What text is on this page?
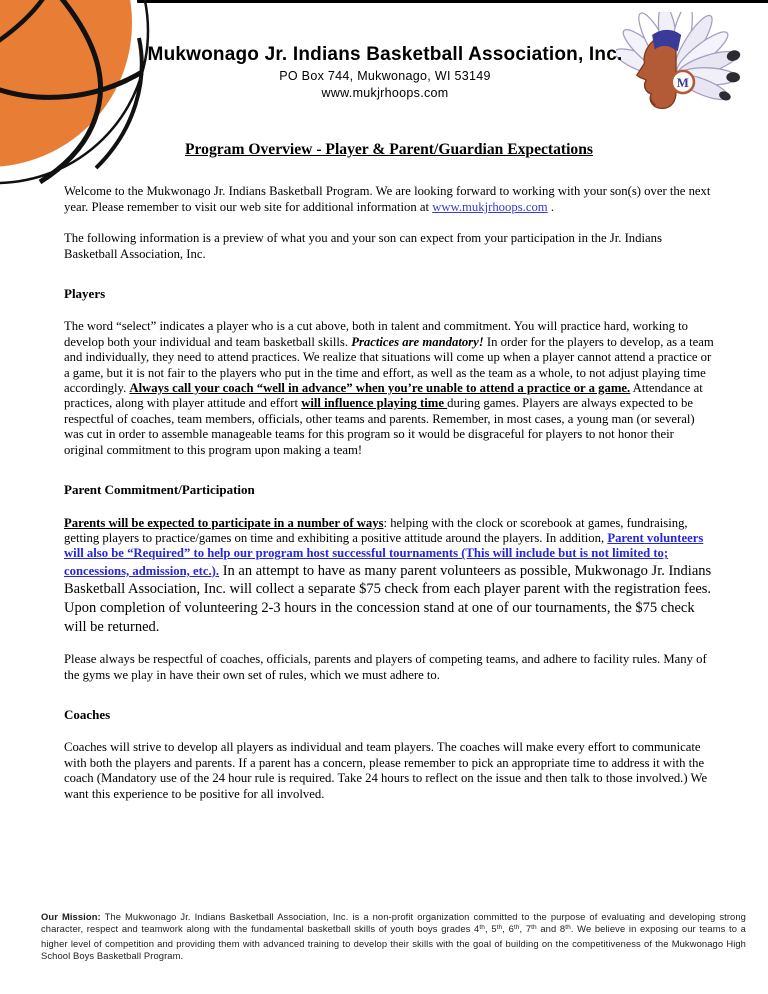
M
Mukwonago Jr. Indians Basketball Association, Inc.
PO Box 744, Mukwonago, WI 53149
www.mukjrhoops.com
Program Overview - Player & Parent/Guardian Expectations

Welcome to the Mukwonago Jr. Indians Basketball Program. We are looking forward to working with your son(s) over the next year. Please remember to visit our web site for additional information at www.mukjrhoops.com .

The following information is a preview of what you and your son can expect from your participation in the Jr. Indians Basketball Association, Inc.

Players

The word “select” indicates a player who is a cut above, both in talent and commitment. You will practice hard, working to develop both your individual and team basketball skills. Practices are mandatory! In order for the players to develop, as a team and individually, they need to attend practices. We realize that situations will come up when a player cannot attend a practice or a game, but it is not fair to the players who put in the time and effort, as well as the team as a whole, to not adjust playing time accordingly. Always call your coach “well in advance” when you’re unable to attend a practice or a game. Attendance at practices, along with player attitude and effort will influence playing time during games. Players are always expected to be respectful of coaches, team members, officials, other teams and parents. Remember, in most cases, a young man (or several) was cut in order to assemble manageable teams for this program so it would be disgraceful for players to not honor their original commitment to this program upon making a team!

Parent Commitment/Participation

Parents will be expected to participate in a number of ways: helping with the clock or scorebook at games, fundraising, getting players to practice/games on time and exhibiting a positive attitude around the players. In addition, Parent volunteers will also be “Required” to help our program host successful tournaments (This will include but is not limited to; concessions, admission, etc.). In an attempt to have as many parent volunteers as possible, Mukwonago Jr. Indians Basketball Association, Inc. will collect a separate $75 check from each player parent with the registration fees. Upon completion of volunteering 2-3 hours in the concession stand at one of our tournaments, the $75 check will be returned.

Please always be respectful of coaches, officials, parents and players of competing teams, and adhere to facility rules. Many of the gyms we play in have their own set of rules, which we must adhere to.

Coaches

Coaches will strive to develop all players as individual and team players. The coaches will make every effort to communicate with both the players and parents. If a parent has a concern, please remember to pick an appropriate time to address it with the coach (Mandatory use of the 24 hour rule is required. Take 24 hours to reflect on the issue and then talk to those involved.) We want this experience to be positive for all involved.

Our Mission: The Mukwonago Jr. Indians Basketball Association, Inc. is a non-profit organization committed to the purpose of evaluating and developing strong character, respect and teamwork along with the fundamental basketball skills of youth boys grades 4th, 5th, 6th, 7th and 8th. We believe in exposing our teams to a higher level of competition and providing them with advanced training to develop their skills with the goal of building on the competitiveness of the Mukwonago High School Boys Basketball Program.
